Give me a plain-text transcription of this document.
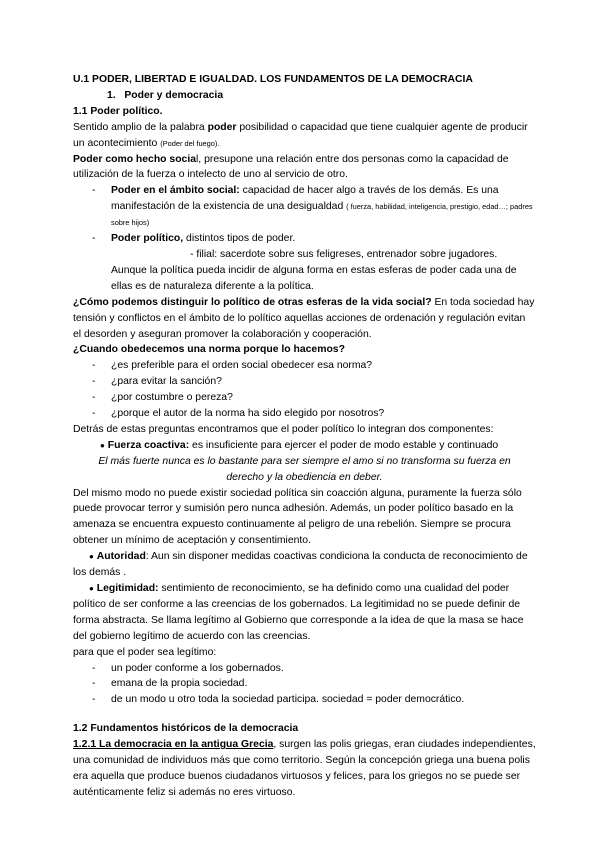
U.1 PODER, LIBERTAD E IGUALDAD. LOS FUNDAMENTOS DE LA DEMOCRACIA
1. Poder y democracia
1.1 Poder político.

Sentido amplio de la palabra poder posibilidad o capacidad que tiene cualquier agente de producir un acontecimiento (Poder del fuego).

Poder como hecho social, presupone una relación entre dos personas como la capacidad de utilización de la fuerza o intelecto de uno al servicio de otro.

-	Poder en el ámbito social: capacidad de hacer algo a través de los demás. Es una manifestación de la existencia de una desigualdad ( fuerza, habilidad, inteligencia, prestigio, edad…; padres sobre hijos)
-	Poder político, distintos tipos de poder.
- filial: sacerdote sobre sus feligreses, entrenador sobre jugadores.
Aunque la política pueda incidir de alguna forma en estas esferas de poder cada una de ellas es de naturaleza diferente a la política.

¿Cómo podemos distinguir lo político de otras esferas de la vida social? En toda sociedad hay tensión y conflictos en el ámbito de lo político aquellas acciones de ordenación y regulación evitan el desorden y aseguran promover la colaboración y cooperación.

¿Cuando obedecemos una norma porque lo hacemos?
-	¿es preferible para el orden social obedecer esa norma?
-	¿para evitar la sanción?
-	¿por costumbre o pereza?
-	¿porque el autor de la norma ha sido elegido por nosotros?
Detrás de estas preguntas encontramos que el poder político lo integran dos componentes:
● Fuerza coactiva: es insuficiente para ejercer el poder de modo estable y continuado
El más fuerte nunca es lo bastante para ser siempre el amo si no transforma su fuerza en derecho y la obediencia en deber.

Del mismo modo no puede existir sociedad política sin coacción alguna, puramente la fuerza sólo puede provocar terror y sumisión pero nunca adhesión. Además, un poder político basado en la amenaza se encuentra expuesto continuamente al peligro de una rebelión. Siempre se procura obtener un mínimo de aceptación y consentimiento.

● Autoridad: Aun sin disponer medidas coactivas condiciona la conducta de reconocimiento de los demás .
● Legitimidad: sentimiento de reconocimiento, se ha definido como una cualidad del poder político de ser conforme a las creencias de los gobernados. La legitimidad no se puede definir de forma abstracta. Se llama legítimo al Gobierno que corresponde a la idea de que la masa se hace del gobierno legítimo de acuerdo con las creencias.
para que el poder sea legítimo:
-	un poder conforme a los gobernados.
-	emana de la propia sociedad.
-	de un modo u otro toda la sociedad participa. sociedad = poder democrático.
1.2 Fundamentos históricos de la democracia

1.2.1 La democracia en la antigua Grecia, surgen las polis griegas, eran ciudades independientes, una comunidad de individuos más que como territorio. Según la concepción griega una buena polis era aquella que produce buenos ciudadanos virtuosos y felices, para los griegos no se puede ser auténticamente feliz si además no eres virtuoso.
